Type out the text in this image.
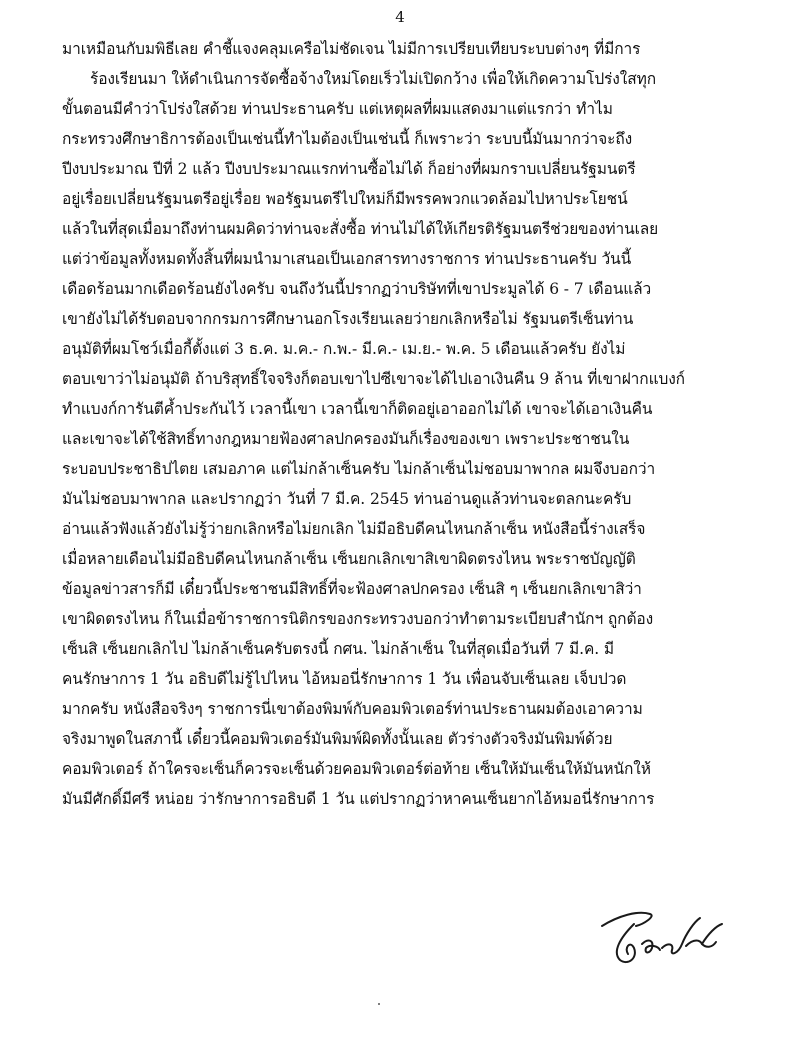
4
มาเหมือนกับมพิธีเลย คำชี้แจงคลุมเครือไม่ชัดเจน ไม่มีการเปรียบเทียบระบบต่างๆ ที่มีการ
ร้องเรียนมา ให้ดำเนินการจัดซื้อจ้างใหม่โดยเร็วไม่เปิดกว้าง เพื่อให้เกิดความโปร่งใสทุก
ขั้นตอนมีคำว่าโปร่งใสด้วย ท่านประธานครับ แต่เหตุผลที่ผมแสดงมาแต่แรกว่า ทำไม
กระทรวงศึกษาธิการต้องเป็นเช่นนี้ทำไมต้องเป็นเช่นนี้ ก็เพราะว่า ระบบนี้มันมากว่าจะถึง
ปีงบประมาณ ปีที่ 2 แล้ว ปีงบประมาณแรกท่านซื้อไม่ได้ ก็อย่างที่ผมกราบเปลี่ยนรัฐมนตรี
อยู่เรื่อยเปลี่ยนรัฐมนตรีอยู่เรื่อย พอรัฐมนตรีไปใหม่ก็มีพรรคพวกแวดล้อมไปหาประโยชน์
แล้วในที่สุดเมื่อมาถึงท่านผมคิดว่าท่านจะสั่งซื้อ ท่านไม่ได้ให้เกียรติรัฐมนตรีช่วยของท่านเลย
แต่ว่าข้อมูลทั้งหมดทั้งสิ้นที่ผมนำมาเสนอเป็นเอกสารทางราชการ ท่านประธานครับ วันนี้
เดือดร้อนมากเดือดร้อนยังไงครับ จนถึงวันนี้ปรากฏว่าบริษัทที่เขาประมูลได้ 6 - 7 เดือนแล้ว
เขายังไม่ได้รับตอบจากกรมการศึกษานอกโรงเรียนเลยว่ายกเลิกหรือไม่ รัฐมนตรีเซ็นท่าน
อนุมัติที่ผมโชว์เมื่อกี้ตั้งแต่ 3 ธ.ค. ม.ค.- ก.พ.- มี.ค.- เม.ย.- พ.ค. 5 เดือนแล้วครับ ยังไม่
ตอบเขาว่าไม่อนุมัติ ถ้าบริสุทธิ์ใจจริงก็ตอบเขาไปซีเขาจะได้ไปเอาเงินคืน 9 ล้าน ที่เขาฝากแบงก์
ทำแบงก์การันตีค้ำประกันไว้ เวลานี้เขา เวลานี้เขาก็ติดอยู่เอาออกไม่ได้ เขาจะได้เอาเงินคืน
และเขาจะได้ใช้สิทธิ์ทางกฎหมายฟ้องศาลปกครองมันก็เรื่องของเขา เพราะประชาชนใน
ระบอบประชาธิปไตย เสมอภาค แต่ไม่กล้าเซ็นครับ ไม่กล้าเซ็นไม่ชอบมาพากล ผมจึงบอกว่า
มันไม่ชอบมาพากล และปรากฏว่า วันที่ 7 มี.ค. 2545 ท่านอ่านดูแล้วท่านจะตลกนะครับ
อ่านแล้วฟังแล้วยังไม่รู้ว่ายกเลิกหรือไม่ยกเลิก ไม่มีอธิบดีคนไหนกล้าเซ็น หนังสือนี้ร่างเสร็จ
เมื่อหลายเดือนไม่มีอธิบดีคนไหนกล้าเซ็น เซ็นยกเลิกเขาสิเขาผิดตรงไหน พระราชบัญญัติ
ข้อมูลข่าวสารก็มี เดี๋ยวนี้ประชาชนมีสิทธิ์ที่จะฟ้องศาลปกครอง เซ็นสิ ๆ เซ็นยกเลิกเขาสิว่า
เขาผิดตรงไหน ก็ในเมื่อข้าราชการนิติกรของกระทรวงบอกว่าทำตามระเบียบสำนักฯ ถูกต้อง
เซ็นสิ เซ็นยกเลิกไป ไม่กล้าเซ็นครับตรงนี้ กศน. ไม่กล้าเซ็น ในที่สุดเมื่อวันที่ 7 มี.ค. มี
คนรักษาการ 1 วัน อธิบดีไม่รู้ไปไหน ไอ้หมอนี่รักษาการ 1 วัน เพื่อนจับเซ็นเลย เจ็บปวด
มากครับ หนังสือจริงๆ ราชการนี่เขาต้องพิมพ์กับคอมพิวเตอร์ท่านประธานผมต้องเอาความ
จริงมาพูดในสภานี้ เดี๋ยวนี้คอมพิวเตอร์มันพิมพ์ผิดทั้งนั้นเลย ตัวร่างตัวจริงมันพิมพ์ด้วย
คอมพิวเตอร์ ถ้าใครจะเซ็นก็ควรจะเซ็นด้วยคอมพิวเตอร์ต่อท้าย เซ็นให้มันเซ็นให้มันหนักให้
มันมีศักดิ์มีศรี หน่อย ว่ารักษาการอธิบดี 1 วัน แต่ปรากฏว่าหาคนเซ็นยากไอ้หมอนี่รักษาการ
